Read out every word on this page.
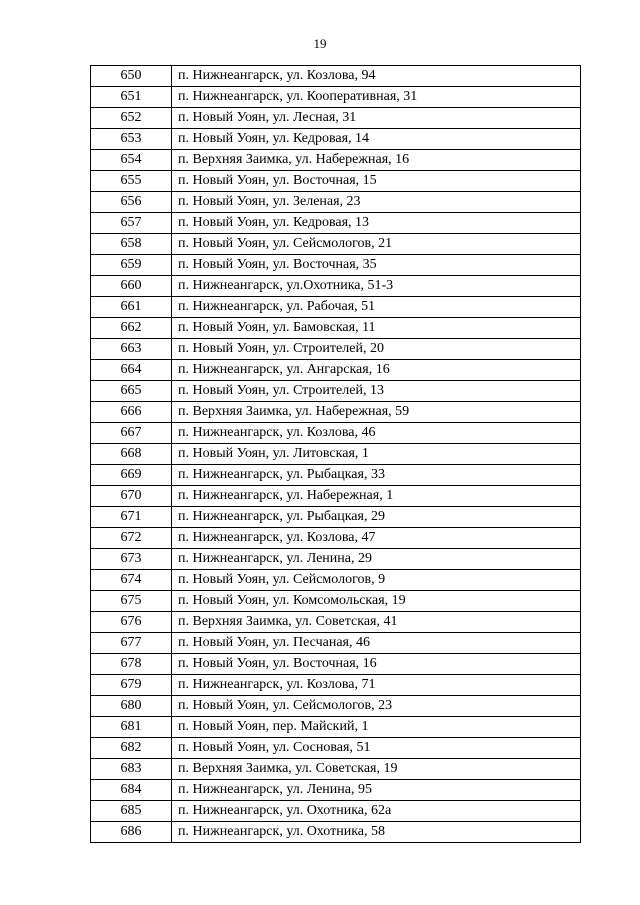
19
650	п. Нижнеангарск, ул. Козлова, 94
651	п. Нижнеангарск, ул. Кооперативная, 31
652	п. Новый Уоян, ул. Лесная, 31
653	п. Новый Уоян, ул. Кедровая, 14
654	п. Верхняя Заимка, ул. Набережная, 16
655	п. Новый Уоян, ул. Восточная, 15
656	п. Новый Уоян, ул. Зеленая, 23
657	п. Новый Уоян, ул. Кедровая, 13
658	п. Новый Уоян, ул. Сейсмологов, 21
659	п. Новый Уоян, ул. Восточная, 35
660	п. Нижнеангарск, ул.Охотника, 51-3
661	п. Нижнеангарск, ул. Рабочая, 51
662	п. Новый Уоян, ул. Бамовская, 11
663	п. Новый Уоян, ул. Строителей, 20
664	п. Нижнеангарск, ул. Ангарская, 16
665	п. Новый Уоян, ул. Строителей, 13
666	п. Верхняя Заимка, ул. Набережная, 59
667	п. Нижнеангарск, ул. Козлова, 46
668	п. Новый Уоян, ул. Литовская, 1
669	п. Нижнеангарск, ул. Рыбацкая, 33
670	п. Нижнеангарск, ул. Набережная, 1
671	п. Нижнеангарск, ул. Рыбацкая, 29
672	п. Нижнеангарск, ул. Козлова, 47
673	п. Нижнеангарск, ул. Ленина, 29
674	п. Новый Уоян, ул. Сейсмологов, 9
675	п. Новый Уоян, ул. Комсомольская, 19
676	п. Верхняя Заимка, ул. Советская, 41
677	п. Новый Уоян, ул. Песчаная, 46
678	п. Новый Уоян, ул. Восточная, 16
679	п. Нижнеангарск, ул. Козлова, 71
680	п. Новый Уоян, ул. Сейсмологов, 23
681	п. Новый Уоян, пер. Майский, 1
682	п. Новый Уоян, ул. Сосновая, 51
683	п. Верхняя Заимка, ул. Советская, 19
684	п. Нижнеангарск, ул. Ленина, 95
685	п. Нижнеангарск, ул. Охотника, 62а
686	п. Нижнеангарск, ул. Охотника, 58
